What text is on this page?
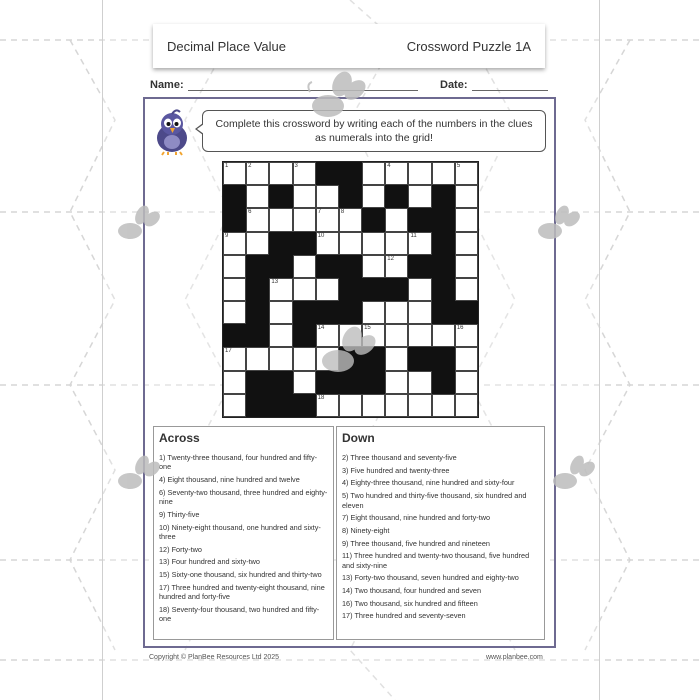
Decimal Place Value	Crossword Puzzle 1A
Name:	Date:
Complete this crossword by writing each of the numbers in the clues as numerals into the grid!
1	2	3	4	5
6	7	8
9	10	11
12
13
14	15	16
17
18
Across
1) Twenty-three thousand, four hundred and fifty-one
4) Eight thousand, nine hundred and twelve
6) Seventy-two thousand, three hundred and eighty-nine
9) Thirty-five
10) Ninety-eight thousand, one hundred and sixty-three
12) Forty-two
13) Four hundred and sixty-two
15) Sixty-one thousand, six hundred and thirty-two
17) Three hundred and twenty-eight thousand, nine hundred and forty-five
18) Seventy-four thousand, two hundred and fifty-one
Down
2) Three thousand and seventy-five
3) Five hundred and twenty-three
4) Eighty-three thousand, nine hundred and sixty-four
5) Two hundred and thirty-five thousand, six hundred and eleven
7) Eight thousand, nine hundred and forty-two
8) Ninety-eight
9) Three thousand, five hundred and nineteen
11) Three hundred and twenty-two thousand, five hundred and sixty-nine
13) Forty-two thousand, seven hundred and eighty-two
14) Two thousand, four hundred and seven
16) Two thousand, six hundred and fifteen
17) Three hundred and seventy-seven
Copyright © PlanBee Resources Ltd 2025	www.planbee.com
